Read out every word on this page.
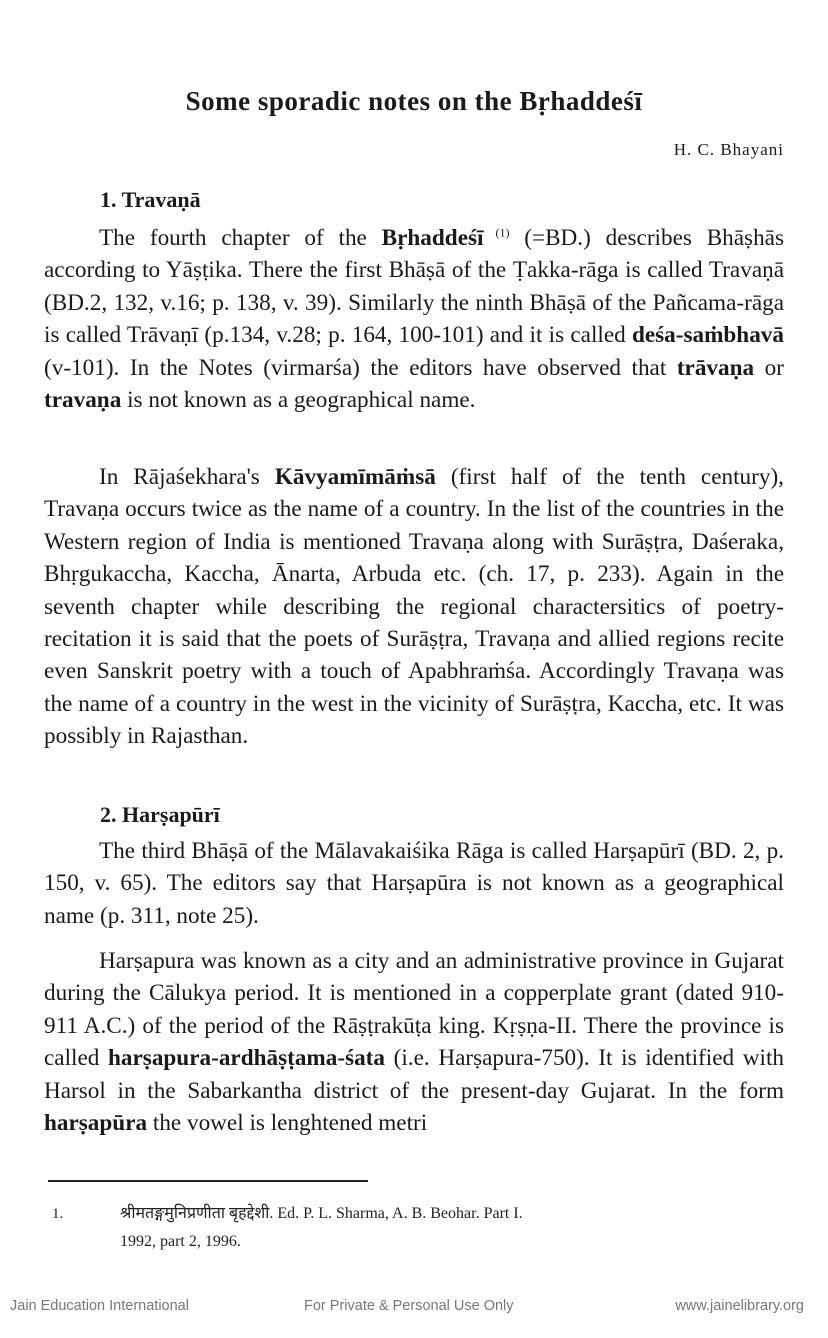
Some sporadic notes on the Bṛhaddeśī
H. C. Bhayani
1. Travaṇā

The fourth chapter of the Bṛhaddeśī $^{(1)}$ (=BD.) describes Bhāṣhās according to Yāṣṭika. There the first Bhāṣā of the Ṭakka-rāga is called Travaṇā (BD.2, 132, v.16; p. 138, v. 39). Similarly the ninth Bhāṣā of the Pañcama-rāga is called Trāvaṇī (p.134, v.28; p. 164, 100-101) and it is called deśa-saṁbhavā (v-101). In the Notes (virmarśa) the editors have observed that trāvaṇa or travaṇa is not known as a geographical name.

In Rājaśekhara's Kāvyamīmāṁsā (first half of the tenth century), Travaṇa occurs twice as the name of a country. In the list of the countries in the Western region of India is mentioned Travaṇa along with Surāṣṭra, Daśeraka, Bhṛgukaccha, Kaccha, Ānarta, Arbuda etc. (ch. 17, p. 233). Again in the seventh chapter while describing the regional charactersitics of poetry-recitation it is said that the poets of Surāṣṭra, Travaṇa and allied regions recite even Sanskrit poetry with a touch of Apabhraṁśa. Accordingly Travaṇa was the name of a country in the west in the vicinity of Surāṣṭra, Kaccha, etc. It was possibly in Rajasthan.

2. Harṣapūrī

The third Bhāṣā of the Mālavakaiśika Rāga is called Harṣapūrī (BD. 2, p. 150, v. 65). The editors say that Harṣapūra is not known as a geographical name (p. 311, note 25).

Harṣapura was known as a city and an administrative province in Gujarat during the Cālukya period. It is mentioned in a copperplate grant (dated 910-911 A.C.) of the period of the Rāṣṭrakūṭa king. Kṛṣṇa-II. There the province is called harṣapura-ardhāṣṭama-śata (i.e. Harṣapura-750). It is identified with Harsol in the Sabarkantha district of the present-day Gujarat. In the form harṣapūra the vowel is lenghtened metri

1.	श्रीमतङ्गमुनिप्रणीता बृहद्देशी. Ed. P. L. Sharma, A. B. Beohar. Part I.
1992, part 2, 1996.
Jain Education International	For Private & Personal Use Only	www.jainelibrary.org
